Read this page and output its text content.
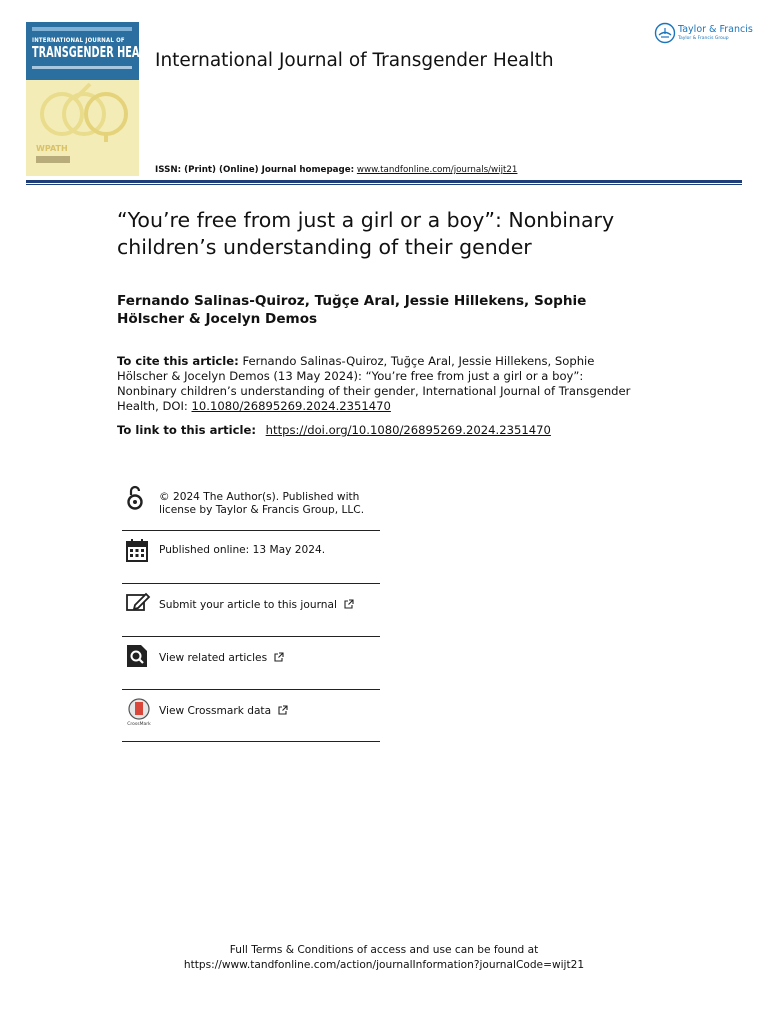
INTERNATIONAL JOURNAL OF
TRANSGENDER HEALTH
WPATH
International Journal of Transgender Health
ISSN: (Print) (Online) Journal homepage: www.tandfonline.com/journals/wijt21
Taylor & Francis
Taylor & Francis Group
“You’re free from just a girl or a boy”: Nonbinary children’s understanding of their gender
Fernando Salinas-Quiroz, Tuğçe Aral, Jessie Hillekens, Sophie Hölscher & Jocelyn Demos
To cite this article: Fernando Salinas-Quiroz, Tuğçe Aral, Jessie Hillekens, Sophie Hölscher & Jocelyn Demos (13 May 2024): “You’re free from just a girl or a boy”: Nonbinary children’s understanding of their gender, International Journal of Transgender Health, DOI: 10.1080/26895269.2024.2351470
To link to this article: https://doi.org/10.1080/26895269.2024.2351470
© 2024 The Author(s). Published with license by Taylor & Francis Group, LLC.
Published online: 13 May 2024.
Submit your article to this journal
View related articles
CrossMark
View Crossmark data
Full Terms & Conditions of access and use can be found at
https://www.tandfonline.com/action/journalInformation?journalCode=wijt21
